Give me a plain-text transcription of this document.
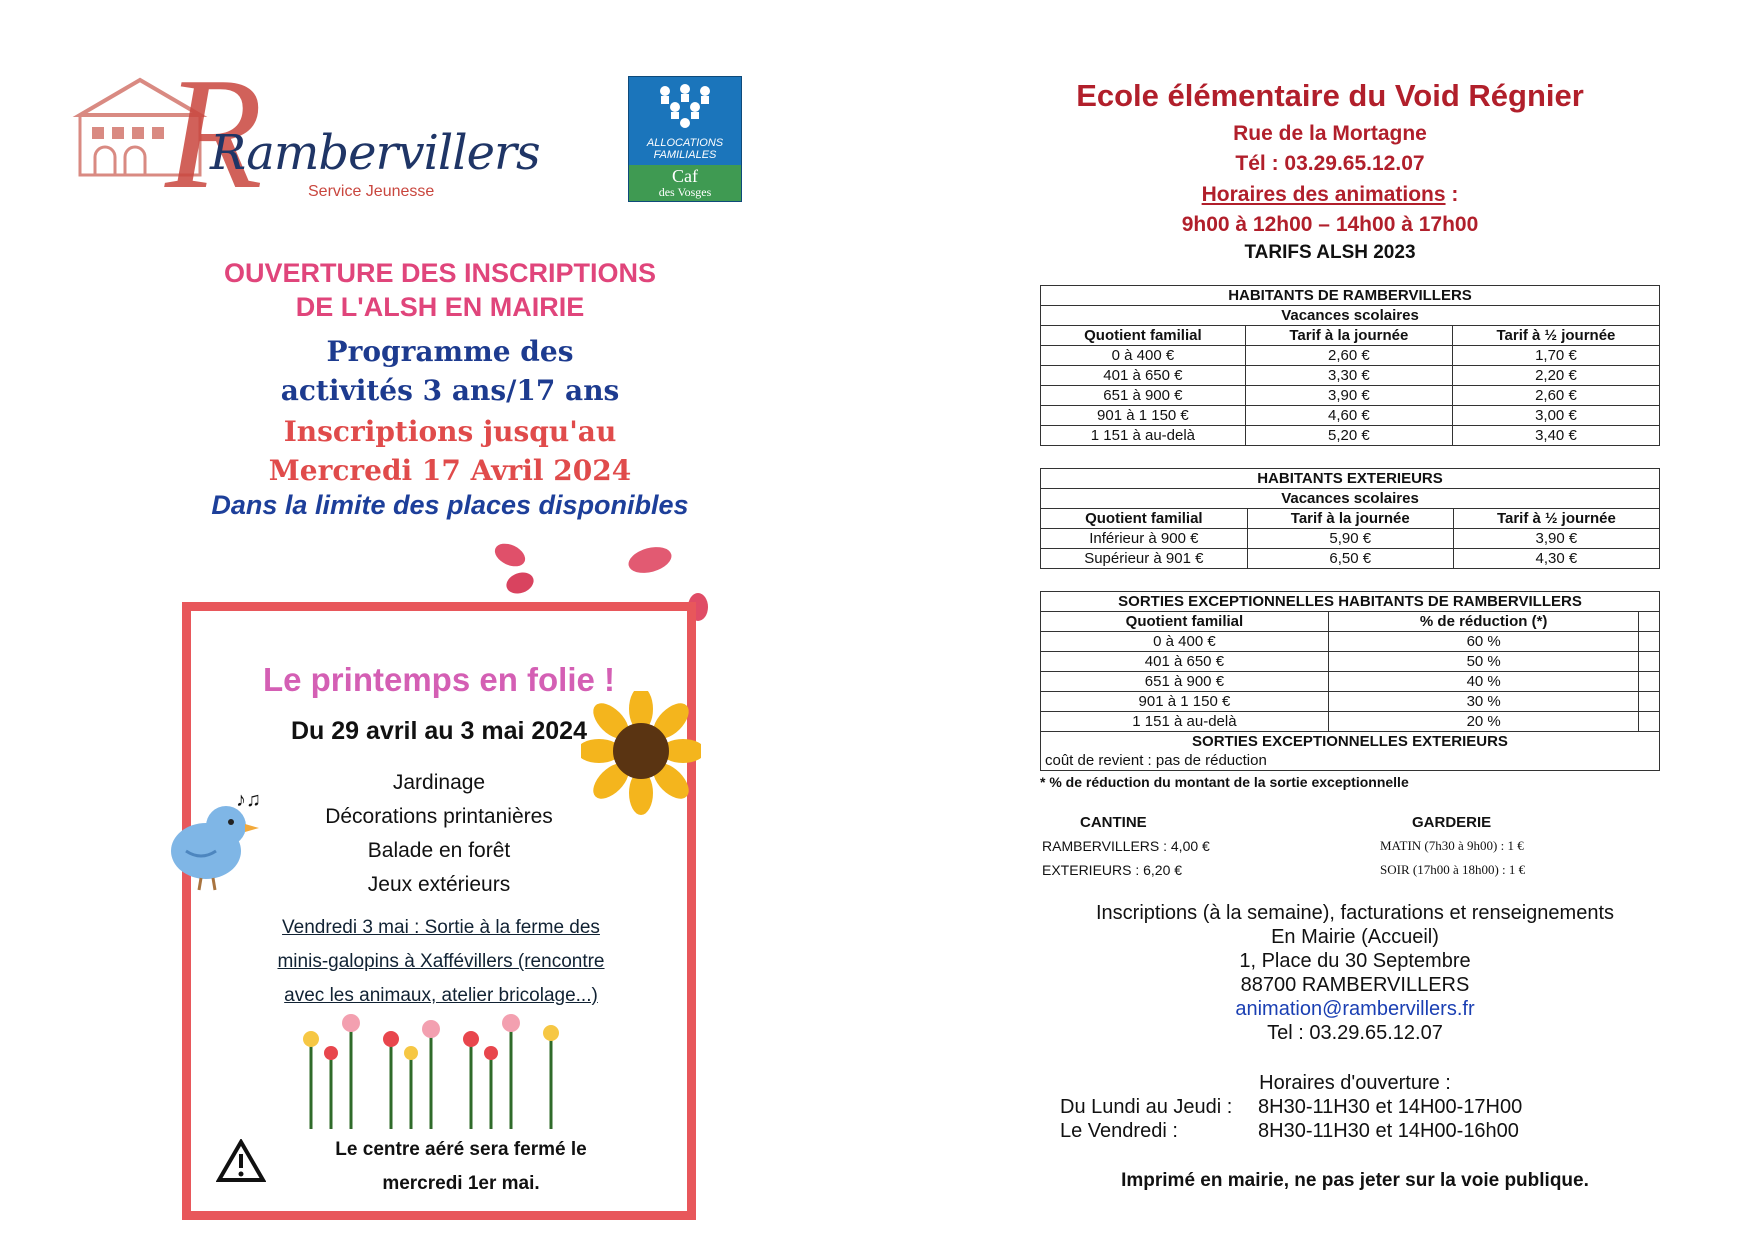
R
Rambervillers
Service Jeunesse
ALLOCATIONS
FAMILIALES
Caf
des Vosges
OUVERTURE DES INSCRIPTIONS
DE L'ALSH EN MAIRIE
Programme des
activités 3 ans/17 ans
Inscriptions jusqu'au
Mercredi 17 Avril 2024
Dans la limite des places disponibles
Le printemps en folie !
Du 29 avril au 3 mai 2024
Jardinage
Décorations printanières
Balade en forêt
Jeux extérieurs
Vendredi 3 mai : Sortie à la ferme des
minis-galopins à Xaffévillers (rencontre
avec les animaux, atelier bricolage...)
♪♫
Le centre aéré sera fermé le
mercredi 1er mai.
Ecole élémentaire du Void Régnier
Rue de la Mortagne
Tél : 03.29.65.12.07
Horaires des animations :
9h00 à 12h00 – 14h00 à 17h00
TARIFS ALSH 2023
HABITANTS DE RAMBERVILLERS		
Vacances scolaires		
Quotient familial	Tarif à la journée	Tarif à ½ journée
0 à 400 €	2,60 €	1,70 €
401 à 650 €	3,30 €	2,20 €
651 à 900 €	3,90 €	2,60 €
901 à 1 150 €	4,60 €	3,00 €
1 151 à au-delà	5,20 €	3,40 €
HABITANTS EXTERIEURS		
Vacances scolaires		
Quotient familial	Tarif à la journée	Tarif à ½ journée
Inférieur à 900 €	5,90 €	3,90 €
Supérieur à 901 €	6,50 €	4,30 €
SORTIES EXCEPTIONNELLES HABITANTS DE RAMBERVILLERS		
Quotient familial	% de réduction (*)	
0 à 400 €	60 %	
401 à 650 €	50 %	
651 à 900 €	40 %	
901 à 1 150 €	30 %	
1 151 à au-delà	20 %	
SORTIES EXCEPTIONNELLES EXTERIEURS		
coût de revient : pas de réduction		
* % de réduction du montant de la sortie exceptionnelle
CANTINE	GARDERIE
RAMBERVILLERS : 4,00 €
EXTERIEURS : 6,20 €
MATIN (7h30 à 9h00) : 1 €
SOIR (17h00 à 18h00) : 1 €
Inscriptions (à la semaine), facturations et renseignements
En Mairie (Accueil)
1, Place du 30 Septembre
88700 RAMBERVILLERS
animation@rambervillers.fr
Tel : 03.29.65.12.07
Horaires d'ouverture :
Du Lundi au Jeudi : 8H30-11H30 et 14H00-17H00
Le Vendredi :	8H30-11H30 et 14H00-16h00
Imprimé en mairie, ne pas jeter sur la voie publique.
